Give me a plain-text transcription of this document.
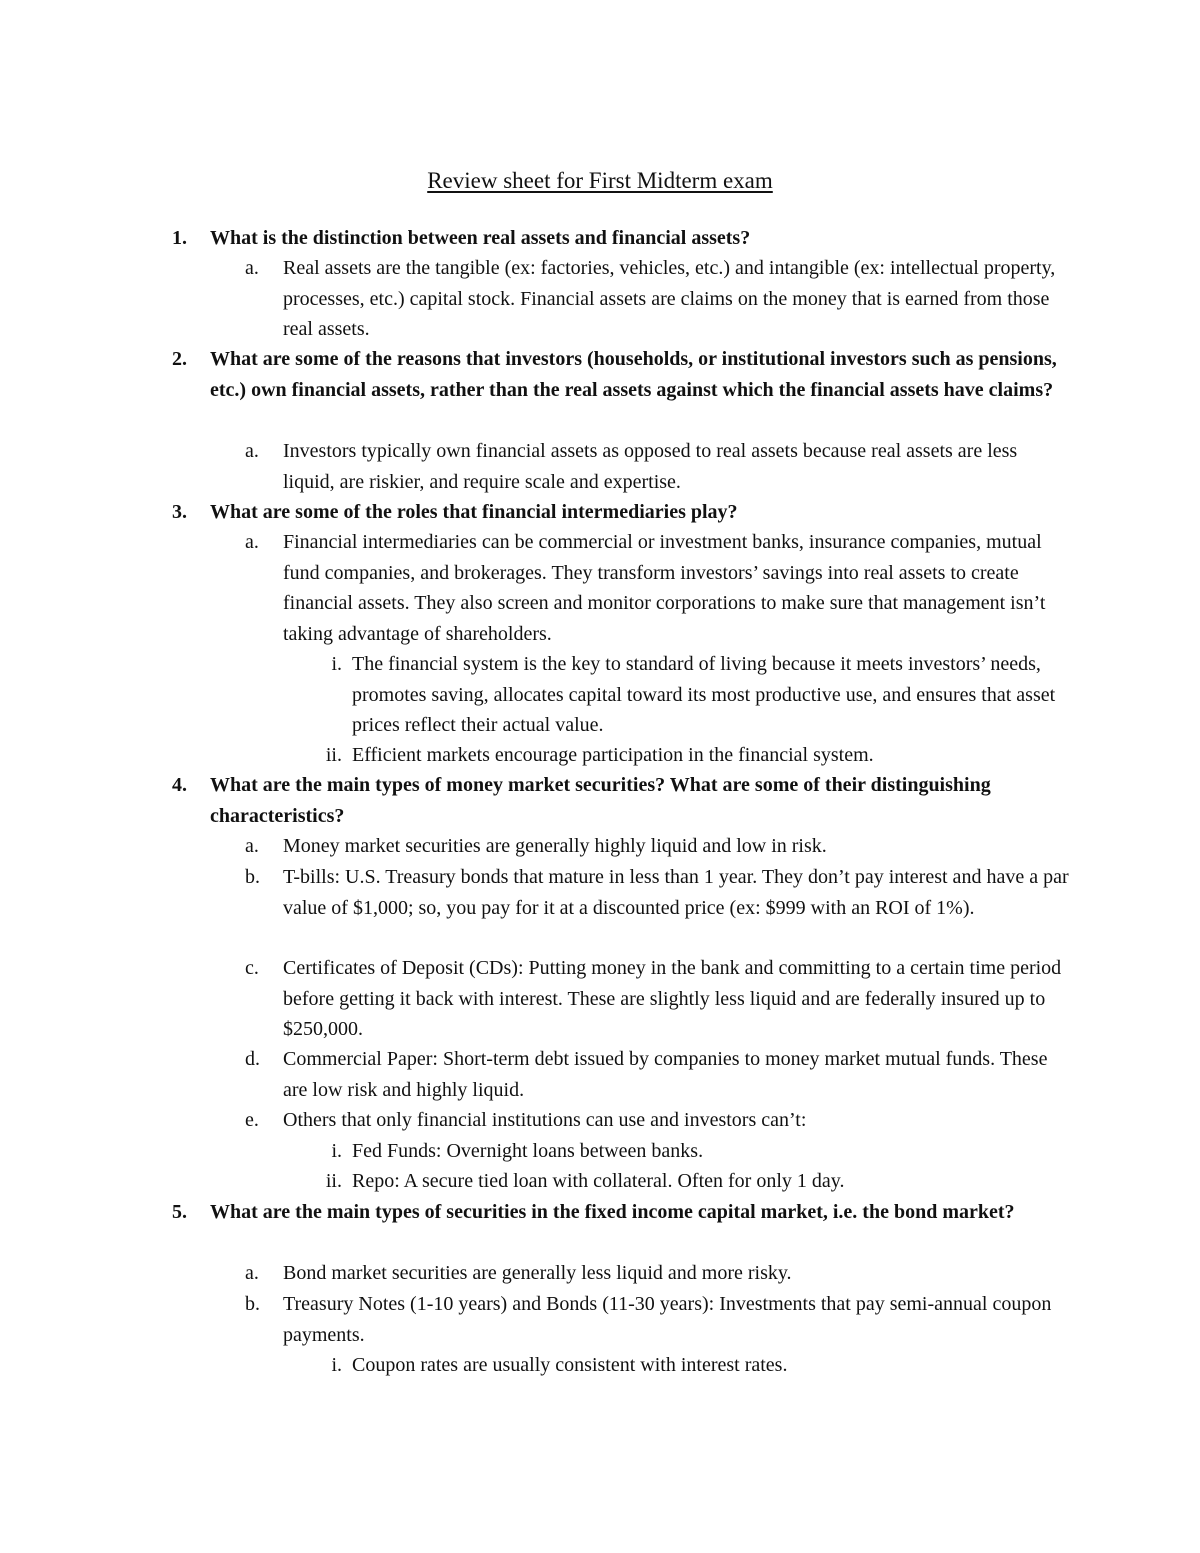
Review sheet for First Midterm exam
1.	What is the distinction between real assets and financial assets?
a.	Real assets are the tangible (ex: factories, vehicles, etc.) and intangible (ex: intellectual property, processes, etc.) capital stock. Financial assets are claims on the money that is earned from those real assets.
2.	What are some of the reasons that investors (households, or institutional investors such as pensions, etc.) own financial assets, rather than the real assets against which the financial assets have claims?
a.	Investors typically own financial assets as opposed to real assets because real assets are less liquid, are riskier, and require scale and expertise.
3.	What are some of the roles that financial intermediaries play?
a.	Financial intermediaries can be commercial or investment banks, insurance companies, mutual fund companies, and brokerages. They transform investors’ savings into real assets to create financial assets. They also screen and monitor corporations to make sure that management isn’t taking advantage of shareholders.
i. The financial system is the key to standard of living because it meets investors’ needs, promotes saving, allocates capital toward its most productive use, and ensures that asset prices reflect their actual value.
ii. Efficient markets encourage participation in the financial system.
4.	What are the main types of money market securities? What are some of their distinguishing characteristics?
a.	Money market securities are generally highly liquid and low in risk.
b.	T-bills: U.S. Treasury bonds that mature in less than 1 year. They don’t pay interest and have a par value of $1,000; so, you pay for it at a discounted price (ex: $999 with an ROI of 1%).
c.	Certificates of Deposit (CDs): Putting money in the bank and committing to a certain time period before getting it back with interest. These are slightly less liquid and are federally insured up to $250,000.
d.	Commercial Paper: Short-term debt issued by companies to money market mutual funds. These are low risk and highly liquid.
e.	Others that only financial institutions can use and investors can’t:
i. Fed Funds: Overnight loans between banks.
ii. Repo: A secure tied loan with collateral. Often for only 1 day.
5.	What are the main types of securities in the fixed income capital market, i.e. the bond market?
a.	Bond market securities are generally less liquid and more risky.
b.	Treasury Notes (1-10 years) and Bonds (11-30 years): Investments that pay semi-annual coupon payments.
i. Coupon rates are usually consistent with interest rates.
